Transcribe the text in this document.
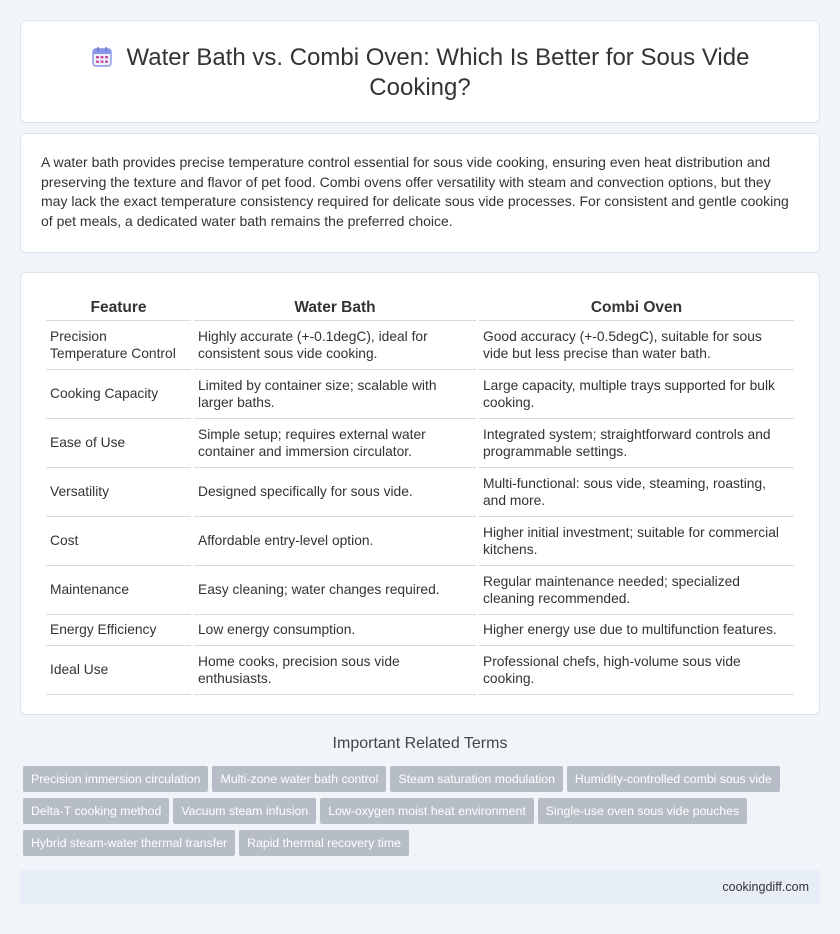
Water Bath vs. Combi Oven: Which Is Better for Sous Vide Cooking?

A water bath provides precise temperature control essential for sous vide cooking, ensuring even heat distribution and preserving the texture and flavor of pet food. Combi ovens offer versatility with steam and convection options, but they may lack the exact temperature consistency required for delicate sous vide processes. For consistent and gentle cooking of pet meals, a dedicated water bath remains the preferred choice.

Feature	Water Bath	Combi Oven
Precision Temperature Control	Highly accurate (+-0.1degC), ideal for consistent sous vide cooking.	Good accuracy (+-0.5degC), suitable for sous vide but less precise than water bath.
Cooking Capacity	Limited by container size; scalable with larger baths.	Large capacity, multiple trays supported for bulk cooking.
Ease of Use	Simple setup; requires external water container and immersion circulator.	Integrated system; straightforward controls and programmable settings.
Versatility	Designed specifically for sous vide.	Multi-functional: sous vide, steaming, roasting, and more.
Cost	Affordable entry-level option.	Higher initial investment; suitable for commercial kitchens.
Maintenance	Easy cleaning; water changes required.	Regular maintenance needed; specialized cleaning recommended.
Energy Efficiency	Low energy consumption.	Higher energy use due to multifunction features.
Ideal Use	Home cooks, precision sous vide enthusiasts.	Professional chefs, high-volume sous vide cooking.
Important Related Terms
Precision immersion circulation Multi-zone water bath control Steam saturation modulation Humidity-controlled combi sous vide
Delta-T cooking method Vacuum steam infusion Low-oxygen moist heat environment Single-use oven sous vide pouches
Hybrid steam-water thermal transfer Rapid thermal recovery time
cookingdiff.com
